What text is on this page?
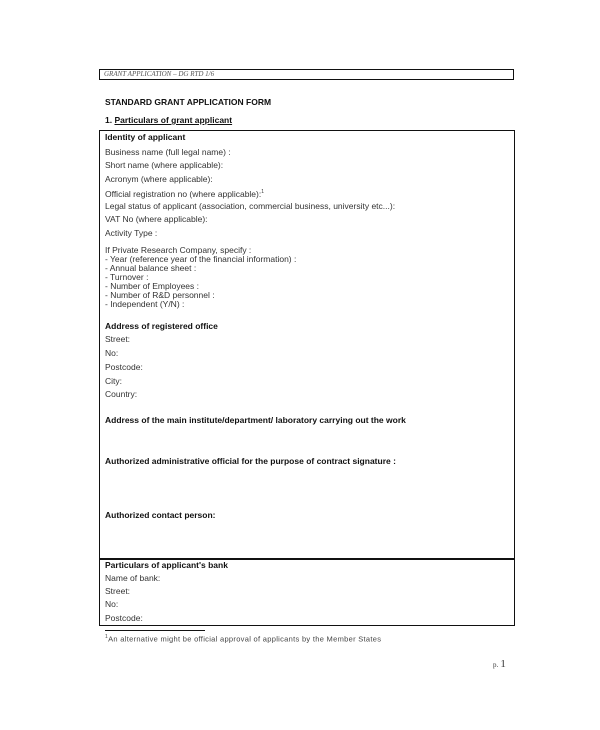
GRANT APPLICATION – DG RTD 1/6
STANDARD GRANT APPLICATION FORM
1. Particulars of grant applicant
Identity of applicant
Business name (full legal name) :
Short name (where applicable):
Acronym (where applicable):
Official registration no (where applicable):$^1$
Legal status of applicant (association, commercial business, university etc...):
VAT No (where applicable):
Activity Type :
If Private Research Company, specify :
- Year (reference year of the financial information) :
- Annual balance sheet :
- Turnover :
- Number of Employees :
- Number of R&D personnel :
- Independent (Y/N) :
Address of registered office
Street:
No:
Postcode:
City:
Country:
Address of the main institute/department/ laboratory carrying out the work
Authorized administrative official for the purpose of contract signature :
Authorized contact person:
Particulars of applicant's bank
Name of bank:
Street:
No:
Postcode:
$^1$An alternative might be official approval of applicants by the Member States
p. 1
